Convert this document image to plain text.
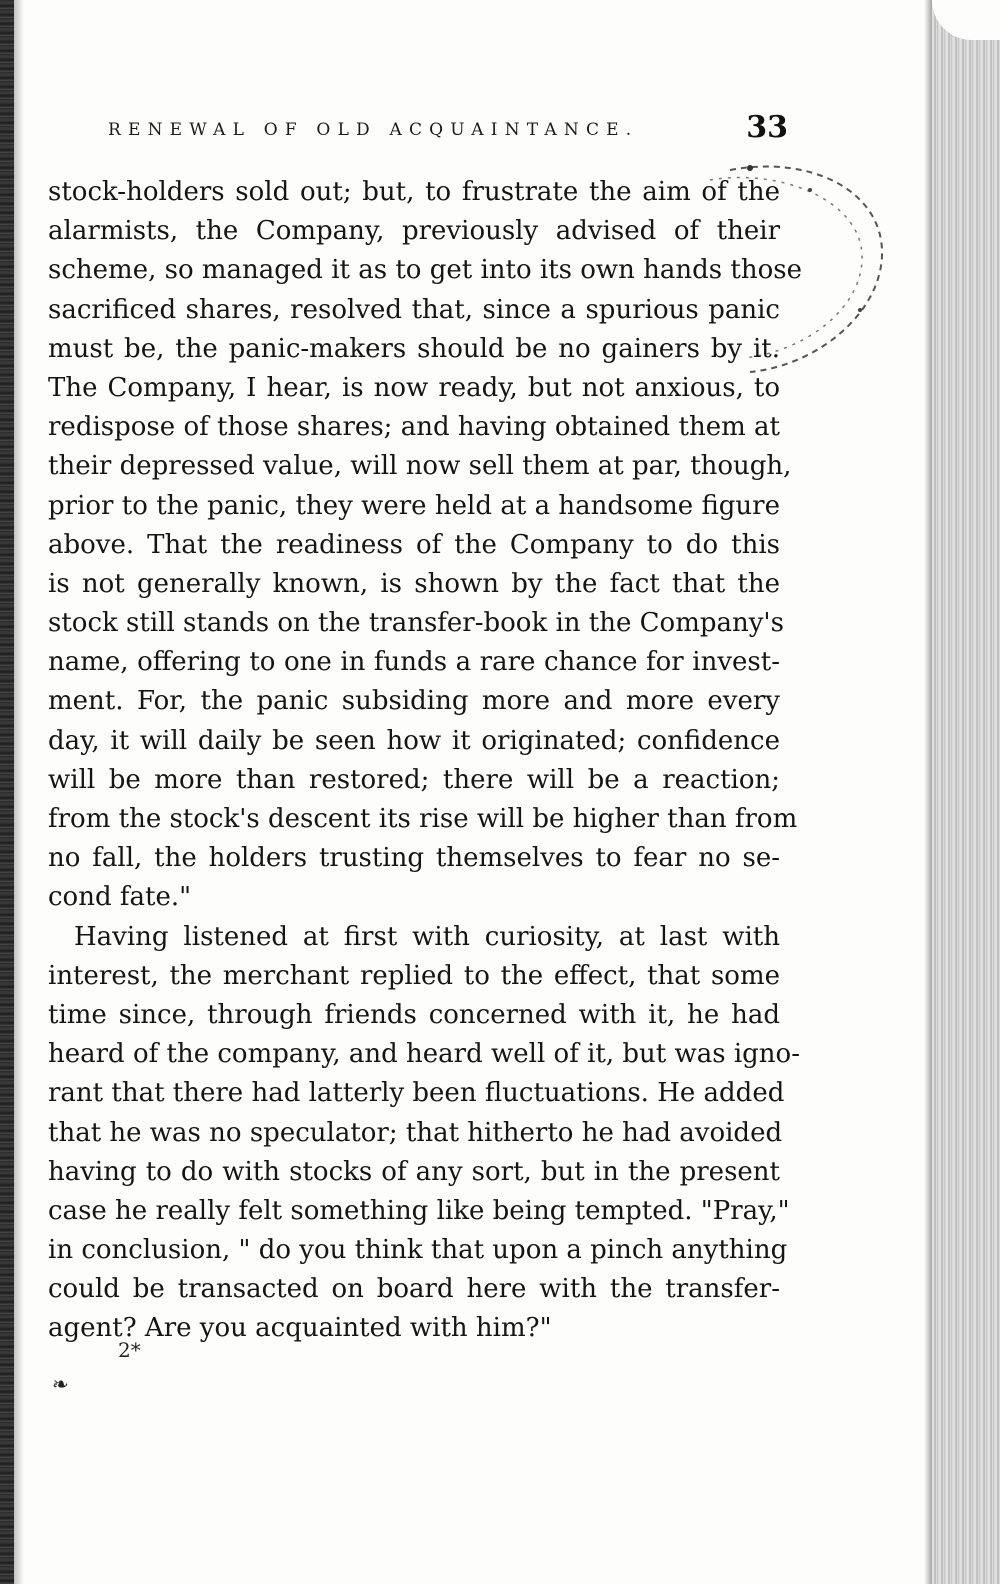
RENEWAL OF OLD ACQUAINTANCE.	33
stock-holders sold out; but, to frustrate the aim of the
alarmists, the Company, previously advised of their
scheme, so managed it as to get into its own hands those
sacrificed shares, resolved that, since a spurious panic
must be, the panic-makers should be no gainers by it.
The Company, I hear, is now ready, but not anxious, to
redispose of those shares; and having obtained them at
their depressed value, will now sell them at par, though,
prior to the panic, they were held at a handsome figure
above. That the readiness of the Company to do this
is not generally known, is shown by the fact that the
stock still stands on the transfer-book in the Company's
name, offering to one in funds a rare chance for invest-
ment. For, the panic subsiding more and more every
day, it will daily be seen how it originated; confidence
will be more than restored; there will be a reaction;
from the stock's descent its rise will be higher than from
no fall, the holders trusting themselves to fear no se-
cond fate."
Having listened at first with curiosity, at last with
interest, the merchant replied to the effect, that some
time since, through friends concerned with it, he had
heard of the company, and heard well of it, but was igno-
rant that there had latterly been fluctuations. He added
that he was no speculator; that hitherto he had avoided
having to do with stocks of any sort, but in the present
case he really felt something like being tempted. "Pray,"
in conclusion, " do you think that upon a pinch anything
could be transacted on board here with the transfer-
agent? Are you acquainted with him?"
2*
❧
